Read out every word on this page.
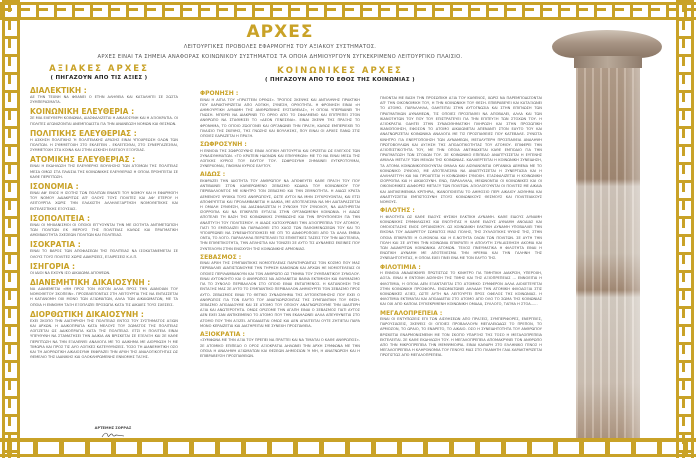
ΑΡΧΕΣ
ΛΕΙΤΟΥΡΓΙΚΕΣ ΠΡΟΒΟΛΕΣ ΕΦΑΡΜΟΓΗΣ ΤΟΥ ΑΞΙΑΚΟΥ ΣΥΣΤΗΜΑΤΟΣ.
ΑΡΧΕΣ ΕΙΝΑΙ ΤΑ ΣΗΜΕΙΑ ΑΝΑΦΟΡΑΣ ΚΟΙΝΩΝΙΚΟΥ ΣΥΣΤΗΜΑΤΟΣ ΤΑ ΟΠΟΙΑ ΔΗΜΙΟΥΡΓΟΥΝ ΣΥΓΚΕΚΡΙΜΕΝΟ ΛΕΙΤΟΥΡΓΙΚΟ ΠΛΑΙΣΙΟ.
ΑΞΙΑΚΕΣ ΑΡΧΕΣ
( ΠΗΓΑΖΟΥΝ ΑΠΟ ΤΙΣ ΑΞΙΕΣ )
ΚΟΙΝΩΝΙΚΕΣ ΑΡΧΕΣ
( ΠΗΓΑΖΟΥΝ ΑΠΟ ΤΟ ΕΘΟΣ ΤΗΣ ΚΟΙΝΩΝΙΑΣ )
ΔΙΑΛΕΚΤΙΚΗ :

ΔΕ ΤΗΝ ΤΕΧΝΗ ΝΑ ΦΘΑΝΕΙ Ο ΕΤΗΝ ΑΛΗΘΕΙΑ ΚΑΙ ΚΑΤΑΛΗΓΕΙ ΣΕ ΣΩΣΤΑ ΣΥΜΠΕΡΑΣΜΑΤΑ.

ΚΟΙΝΩΝΙΚΗ ΕΛΕΥΘΕΡΙΑ :

ΣΕ ΜΙΑ ΕΛΕΥΘΕΡΗ ΚΟΙΝΩΝΙΑ, ΔΙΑΣΦΑΛΙΖΕΤΑΙ Η ΔΙΚΑΙΟΣΥΝΗ ΚΑΙ Η ΑΞΙΟΚΡΑΤΙΑ. ΟΙ ΠΟΛΙΤΕΣ ΑΓΩΝΙΖΟΝΤΑΙ ΑΝΕΜΠΟΔΙΣΤΑ ΓΙΑ ΤΗΝ ΑΝΑΝΕΩΣΗ ΝΟΜΩΝ ΚΑΙ ΘΕΣΜΩΝ.

ΠΟΛΙΤΙΚΗΣ ΕΛΕΥΘΕΡΙΑΣ :

Η ΑΣΚΗΣΗ ΠΟΛΙΤΙΚΗΣ Ή ΠΟΛΙΤΕΙΑΚΗΣ ΔΡΑΣΗΣ ΕΙΝΑΙ ΥΠΟΧΡΕΩΣΗ ΟΛΩΝ ΤΩΝ ΠΟΛΙΤΩΝ. Η ΣΥΜΜΕΤΟΧΗ ΣΤΟ ΕΚΛΕΓΕΙΝ - ΕΚΛΕΓΕΣΘΑΙ, ΣΤΟ ΣΥΝΕΡΓΑΖΕΣΘΑΙ, ΣΥΜΜΕΤΟΧΗ ΣΤΑ ΚΟΙΝΑ ΚΑΙ ΣΤΗΝ ΑΣΚΗΣΗ ΕΛΕΓΧΟΥ ΕΞΟΥΣΙΑΣ.

ΑΤΟΜΙΚΗΣ ΕΛΕΥΘΕΡΙΑΣ :

ΕΙΝΑΙ Η ΕΚΔΗΛΩΣΗ ΤΗΣ ΕΛΕΥΘΕΡΗΣ ΒΟΥΛΗΣΗΣ ΤΩΝ ΑΤΟΜΩΝ ΤΗΣ ΠΟΛΙΤΕΙΑΣ ΜΕΣΑ ΟΜΩΣ ΣΤΑ ΠΛΑΙΣΙΑ ΤΗΣ ΚΟΙΝΩΝΙΚΗΣ ΕΛΕΥΘΕΡΙΑΣ Η ΟΠΟΙΑ ΠΡΟΗΓΕΙΤΑΙ ΣΕ ΚΑΘΕ ΠΕΡΙΠΤΩΣΗ.

ΙΣΟΝΟΜΙΑ :

ΕΙΝΑΙ ΑΦ' ΕΝΟΣ Η ΙΣΟΤΗΣ ΤΩΝ ΠΟΛΙΤΩΝ ΕΝΑΝΤΙ ΤΟΥ ΝΟΜΟΥ ΚΑΙ Η ΕΦΑΡΜΟΓΗ ΤΟΥ ΝΟΜΟΥ ΑΔΙΑΚΡΙΤΩΣ ΑΠ' ΟΛΟΥΣ ΤΟΥΣ ΠΟΛΙΤΕΣ ΚΑΙ ΑΦ' ΕΤΕΡΟΥ Η ΛΕΙΤΟΥΡΓΙΑ ΧΩΡΙΣ ΤΗΝ ΕΛΑΧΙΣΤΗ ΑΛΛΗΛΕΞΑΡΤΗΣΗ ΝΟΜΟΘΕΤΙΚΗΣ ΚΑΙ ΕΚΤΕΛΕΣΤΙΚΗΣ ΕΞΟΥΣΙΑΣ.

ΙΣΟΠΟΛΙΤΕΙΑ :

ΕΙΝΑΙ ΟΙ ΜΗΧΑΝΙΣΜΟΙ ΟΙ ΟΠΟΙΟΙ ΕΓΓΥΟΥΝΤΑΙ ΤΗΝ ΜΕ ΙΣΟΤΗΤΑ ΑΝΤΙΜΕΤΩΠΙΣΗ ΤΩΝ ΠΟΛΙΤΩΝ ΕΚ ΜΕΡΟΥΣ ΤΗΣ ΠΟΛΙΤΕΙΑΣ ΚΑΘΩΣ ΚΑΙ ΠΡΑΓΜΑΤΙΚΗ ΑΜΟΙΒΑΙΟΤΗΤΑ ΣΧΕΣΕΩΝ ΠΟΛΙΤΩΝ ΚΑΙ ΠΟΛΙΤΕΙΑΣ.

ΙΣΟΚΡΑΤΙΑ :

ΕΙΝΑΙ ΤΟ ΒΑΡΟΣ ΤΩΝ ΑΠΟΦΑΣΕΩΝ ΤΗΣ ΠΟΛΙΤΕΙΑΣ ΝΑ ΙΣΟΚΑΤΑΝΕΜΕΤΑΙ ΣΕ ΟΛΟΥΣ ΤΟΥΣ ΠΟΛΙΤΕΣ ΧΩΡΙΣ ΔΙΑΚΡΙΣΕΙΣ, ΕΞΑΙΡΕΣΕΙΣ Κ.Λ.Π.

ΙΣΗΓΟΡΙΑ :

ΟΙ ΙΔΙΟΙ ΝΑ ΕΧΟΥΝ ΙΣΟ ΔΙΚΑΙΩΜΑ ΑΠΟΨΕΩΝ.

ΔΙΑΝΕΜΗΤΙΚΗ ΔΙΚΑΙΟΣΥΝΗ :

ΝΑ ΔΙΑΝΕΜΕΤΑΙ «ΜΗ ΠΡΟΣ ΤΟΝ ΛΟΓΟΝ ΑΛΛΑ ΠΡΟΣ ΤΗΝ ΔΙΑΝΟΙΑΝ ΤΟΥ ΝΟΜΟΘΕΤΟΥ ΣΚΟΠΕΙΝ». ΠΡΟΣΒΛΕΠΟΝΤΑΣ ΣΤΗ ΛΕΙΤΟΥΡΓΙΑ ΤΗΣ ΝΑ ΕΝΤΑΣΣΕΤΑΙ Η ΚΑΤΑΝΟΜΗ ΟΧΙ ΜΟΝΟ ΤΩΝ ΑΞΙΩΜΑΤΩΝ, ΑΛΛΑ ΤΩΝ ΔΙΚΑΙΩΜΑΤΩΝ, ΜΕ ΤΑ ΟΠΟΙΑ Η ΕΝΝΟΜΗ ΤΑΞΗ ΕΞΟΠΛΙΖΕΙ ΠΡΟΣΩΠΑ ΚΑΤΑ ΤΙΣ ΔΙΚΑΙΕΣ ΤΟΥΣ ΣΧΕΣΕΙΣ.

ΔΙΟΡΘΩΤΙΚΗ ΔΙΚΑΙΟΣΥΝΗ :

ΕΧΕΙ ΣΚΟΠΟ ΤΗΝ ΔΙΑΤΗΡΗΣΗ ΤΗΣ ΠΟΛΙΤΕΙΑΣ ΕΝΤΟΣ ΤΟΥ ΣΥΣΤΗΜΑΤΟΣ ΑΞΙΩΝ ΚΑΙ ΑΡΧΩΝ. Η ΑΔΙΚΟΠΡΑΓΙΑ ΚΑΤΑ ΜΕΛΟΥΣ ΤΟΥ ΣΩΜΑΤΟΣ ΤΗΣ ΠΟΛΙΤΕΙΑΣ ΛΟΓΙΖΕΤΑΙ ΩΣ ΑΔΙΚΟΠΡΑΓΙΑ ΚΑΤΑ ΤΗΣ ΠΟΛΙΤΕΙΑΣ. ΕΤΣΙ Η ΠΟΛΙΤΕΙΑ ΕΙΝΑΙ ΥΠΕΥΘΥΝΗ ΝΑ ΣΤΑΜΑΤΗΣΕΙ ΤΗΝ ΑΔΙΚΙΑ ΑΝ ΒΡΙΣΚΕΤΑΙ ΣΕ ΕΞΕΛΙΞΗ ΚΑΙ ΣΕ ΚΑΘΕ ΠΕΡΙΠΤΩΣΗ ΝΑ ΤΗΝ ΕΞΑΛΕΙΨΕΙ ΑΝΑΛΟΓΑ ΜΕ ΤΟ ΑΔΙΚΗΜΑ ΜΕ ΔΙΟΡΘΩΣΗ Ή ΜΕ ΤΙΜΩΡΙΑ ΚΑΙ ΠΡΟΣ ΤΙΣ ΔΥΟ ΛΟΓΙΚΕΣ ΚΑΤΕΥΘΥΝΣΕΙΣ. ΤΟΣΟ ΤΗ ΔΙΑΝΕΜΗΤΙΚΗ ΟΣΟ ΚΑΙ ΤΗ ΔΙΟΡΘΩΤΙΚΗ ΔΙΚΑΙΟΣΥΝΗ ΕΚΦΡΑΖΕΙ ΤΗΝ ΑΡΧΗ ΤΗΣ ΑΝΑΛΟΓΙΚΟΤΗΤΑΣ ΩΣ ΘΕΜΕΛΙΟ ΤΗΣ ΙΔΑΝΙΚΗΣ ΚΑΙ ΟΛΟΚΛΗΡΩΜΕΝΗΣ ΕΝΝΟΜΗΣ ΤΑΞΗΣ.

ΦΡΟΝΗΣΗ :

ΕΙΝΑΙ Η ΑΙΤΙΑ ΤΟΥ «ΠΡΑΤΤΕΙΝ ΟΡΘΩΣ». ΤΡΟΠΟΣ ΣΚΕΨΗΣ ΚΑΙ ΑΝΤΙΛΗΨΗΣ ΠΡΑΚΤΙΚΗ ΠΟΥ ΧΑΡΑΚΤΗΡΙΖΕΤΑΙ ΑΠΟ ΛΟΓΙΚΗ, ΣΥΝΕΣΗ, ΟΡΘΟΤΗΤΑ. Η ΦΡΟΝΗΣΗ ΕΙΝΑΙ «Η ΔΗΜΙΟΥΡΓΙΚΗ ΔΥΝΑΜΗ ΤΗΣ ΑΝΘΡΩΠΙΝΗΣ ΕΥΣΤΑΘΕΙΑΣ», Η ΟΠΟΙΑ ΥΠΕΡΒΑΙΝΕΙ ΤΗ ΓΝΩΣΗ. ΜΠΟΡΕΙ ΝΑ ΔΙΑΚΡΙΝΕΙ ΤΟ ΟΡΘΟ ΑΠΟ ΤΟ ΣΦΑΛΜΕΝΟ ΚΑΙ ΕΠΙΤΡΕΠΕΙ ΣΤΟΝ ΑΝΘΡΩΠΟ ΝΑ ΣΤΑΘΜΙΣΕΙ ΤΟ «ΔΕΟΝ ΓΕΝΕΣΘΑΙ». ΕΙΝΑΙ ΣΚΕΨΗ ΤΗΣ ΠΡΑΞΗΣ ΤΟ ΦΡΟΝΗΜΑ, ΤΟ ΟΠΟΙΟ ΖΩΟΓΟΝΕΙ ΚΑΙ ΟΡΓΑΝΩΝΕΙ ΤΗΝ ΠΡΑΞΗ, ΚΑΘΩΣ ΕΜΠΕΡΙΕΧΕΙ ΤΟ ΠΛΑΙΣΙΟ ΤΗΣ ΣΚΕΨΗΣ, ΤΗΣ ΓΝΩΣΗΣ ΚΑΙ ΒΟΥΛΗΣΗΣ, ΠΟΥ ΕΙΝΑΙ ΟΙ ΑΡΧΕΣ ΠΑΝΩ ΣΤΙΣ ΟΠΟΙΕΣ ΕΔΡΑΖΕΤΑΙ Η ΠΡΑΞΗ.

ΣΩΦΡΟΣΥΝΗ :

Η ΕΝΝΟΙΑ ΤΗΣ ΣΩΦΡΟΣΥΝΗΣ ΕΙΝΑΙ ΛΟΓΙΚΗ ΛΕΙΤΟΥΡΓΙΑ ΚΑΙ ΟΡΙΖΕΤΑΙ ΩΣ ΕΛΕΓΧΟΣ ΤΩΝ ΣΥΝΑΙΣΘΗΜΑΤΩΝ. «ΤΟ ΚΡΑΤΕΙΝ ΗΔΟΝΩΝ ΚΑΙ ΕΠΙΘΥΜΙΩΝ» ΜΕ ΤΟ ΝΑ ΕΙΝΑΙ ΜΕΣΑ ΤΗΣ ΛΟΓΙΚΗΣ ΚΥΡΙΟΣ ΤΟΥ ΕΑΥΤΟΥ ΤΟΥ. ΣΩΦΡΟΣΥΝΗ ΣΗΜΑΙΝΕΙ ΕΥΓΚΡΟΤΟΥΜΑΙ, ΣΥΝΕΡΧΟΜΑΙ, ΓΙΝΟΜΑΙ ΚΥΡΙΟΣ ΕΑΥΤΟΥ.

ΑΙΔΩΣ :

ΕΚΦΡΑΖΕΙ ΤΗΝ ΙΔΙΟΤΗΤΑ ΤΟΥ ΑΝΘΡΩΠΟΥ ΝΑ ΑΠΟΦΕΥΓΕΙ ΚΑΘΕ ΠΡΑΞΗ ΤΟΥ ΠΟΥ ΑΝΤΙΒΑΙΝΕΙ ΣΤΟΝ ΚΑΘΙΕΡΩΜΕΝΟ ΣΕΒΑΣΜΟ ΚΩΔΙΚΑ ΤΟΥ ΚΟΙΝΩΝΙΚΟΥ ΤΟΥ ΠΕΡΙΒΑΛΛΟΝΤΟΣ ΜΕ ΚΙΝΗΤΡΟ ΤΟΝ ΣΕΒΑΣΜΟ ΚΑΙ ΤΗΝ ΣΕΜΝΟΤΗΤΑ. Η ΑΙΔΩΣ ΚΡΑΤΑ ΔΕΜΕΝΟΥΣ ΨΥΧΙΚΑ ΤΟΥΣ ΑΝΘΡΩΠΟΥΣ, ΩΣΤΕ ΑΥΤΟΙ ΝΑ ΜΗΝ ΣΥΓΚΡΟΥΟΝΤΑΙ, ΚΑΙ ΕΤΣΙ ΑΠΟΦΕΥΓΕΤΑΙ ΚΑΙ ΠΡΟΛΑΜΒΑΝΕΤΑΙ Η ΑΔΙΚΙΑ, ΜΕ ΑΠΟΤΕΛΕΣΜΑ ΝΑ ΜΗ ΔΙΑΤΑΡΑΣΣΕΤΑΙ Η ΟΜΑΛΗ ΣΥΝΘΕΣΗ, ΝΑ ΔΙΑΣΦΑΛΙΖΕΤΑΙ Η ΣΥΝΟΧΗ ΤΟΥ ΣΥΝΟΛΟΥ, ΝΑ ΔΙΑΤΗΡΕΙΤΑΙ ΙΣΟΡΡΟΠΙΑ ΚΑΙ ΝΑ ΕΠΙΚΡΑΤΕΙ ΕΥΤΑΞΙΑ ΣΤΗΝ ΟΡΓΑΝΩΜΕΝΗ ΚΟΙΝΩΝΙΑ. Η ΑΙΔΩΣ ΑΠΟΤΕΛΕΙ ΤΗ ΒΑΣΗ ΤΗΣ ΚΟΙΝΩΝΙΚΗΣ ΣΥΜΒΙΩΣΗΣ ΚΑΙ ΤΗΝ ΠΡΟΥΠΟΘΕΣΗ ΓΙΑ ΤΗΝ ΑΝΑΠΤΥΞΗ ΤΟΥ ΠΟΛΙΤΙΣΜΟΥ. Η ΑΙΔΩΣ ΚΑΤΟΧΥΡΩΝΕΙ ΤΗΝ ΑΞΙΟΠΡΕΠΕΙΑ ΤΟΥ ΑΤΟΜΟΥ, ΓΙΑΤΙ ΤΟ ΕΜΠΟΔΙΖΕΙ ΝΑ ΠΑΡΑΔΟΘΕΙ ΣΤΟ ΧΑΟΣ ΤΩΝ ΠΑΘΟΜΕΝΩΣΕΩΝ ΤΟΥ ΚΑΙ ΤΟ ΥΠΟΧΡΕΩΝΕΙ ΝΑ ΣΥΝΕΙΔΗΤΟΠΟΙΗΣΕΙ ΜΕ ΟΤΙ ΤΟ ΔΙΑΦΟΡΟΠΟΙΕΙ ΑΠΟ ΤΑ ΑΛΛΑ ΕΜΒΙΑ ΟΝΤΑ, ΤΟ ΛΟΓΟ. ΠΑΡΑΛΛΗΛΑ ΠΕΡΙΣΤΕΛΛΕΙ ΤΙΣ ΕΠΙΘΕΤΙΚΕΣ ΤΑΣΕΙΣ ΤΟΥ ΤΗΝ ΙΔΙΟΤΕΛΕΙΑ, ΤΗΝ ΕΠΙΘΕΤΙΚΟΤΗΤΑ, ΤΗΝ ΑΠΛΗΣΤΙΑ ΚΑΙ ΤΟΝΙΖΕΙ ΣΕ ΑΥΤΟ ΤΙΣ ΔΥΝΑΜΕΙΣ ΕΚΕΙΝΕΣ ΠΟΥ ΣΥΝΤΕΛΟΥΝ ΣΤΗΝ ΕΝΙΣΧΥΣΗ ΤΗΣ ΚΟΙΝΩΝΙΚΗΣ ΑΡΜΟΝΙΑΣ.

ΣΕΒΑΣΜΟΣ :

ΕΙΝΑΙ ΑΡΧΗ ΤΗΣ ΣΥΜΠΑΝΤΙΚΗΣ ΝΟΜΟΤΕΛΕΙΑΣ ΠΑΡΑΤΗΡΩΝΤΑΣ ΤΟΝ ΚΟΣΜΟ ΠΟΥ ΜΑΣ ΠΕΡΙΒΑΛΛΕΙ ΔΙΑΠΙΣΤΩΝΟΥΜΕ ΤΗΝ ΤΗΡΗΣΗ ΚΑΝΟΝΩΝ ΚΑΙ ΑΡΧΩΝ ΗΕ ΝΟΜΟΤΕΛΕΙΑΣ ΟΙ ΟΠΟΙΕΣ ΠΕΡΙΛΑΜΒΑΝΟΥΝ ΚΑΙ ΤΟΝ ΑΝΘΡΩΠΟ ΩΣ ΤΜΗΜΑ ΤΟΥ ΣΥΜΠΑΝΤΙΚΟΥ ΣΥΝΟΛΟΥ. ΕΙΝΑΙ ΑΥΤΟΝΟΗΤΟ ΚΑΙ Ο ΑΝΘΡΩΠΟΣ ΝΑ ΑΙΣΘΑΝΕΤΑΙ ΒΑΘΙΑ ΕΚΤΙΜΗΣΗ ΚΑΙ ΘΑΥΜΑΣΜΟ ΓΙΑ ΤΟ ΣΥΝΟΛΟ ΠΕΡΙΒΑΛΛΟΝ ΣΤΟ ΟΠΟΙΟ ΕΙΝΑΙ ΕΝΤΑΓΜΕΝΟΣ. Η ΚΑΤΑΝΟΗΣΗ ΤΗΣ ΕΝΤΑΞΗΣ ΜΑΣ ΣΕ ΑΥΤΟ ΤΟ ΣΥΜΠΑΝΤΙΚΟ ΠΕΡΙΒΑΛΛΟΝ ΔΗΜΙΟΥΡΓΕΙ ΤΟΝ ΣΕΒΑΣΜΟ ΠΡΟΣ ΑΥΤΟ. ΣΕΒΑΣΜΟΣ ΕΙΝΑΙ ΤΟ ΘΕΤΙΚΟ ΣΥΝΑΙΣΘΗΜΑ ΤΗΣ ΑΥΤΟΕΚΤΙΜΗΣΗΣ ΠΟΥ ΕΧΕΙ Ο ΑΝΘΡΩΠΟΣ ΓΙΑ ΤΟΝ ΕΑΥΤΟ ΤΟΥ ΑΝΑΓΝΩΡΙΖΟΝΤΑΣ ΤΗΣ ΣΥΜΠΑΝΤΙΚΗ ΤΟΥ ΘΕΣΗ. ΣΕΒΑΣΜΟ ΑΠΟΔΙΔΟΥΜΕ ΚΑΙ ΣΕ ΑΤΟΜΟ ΤΟΥ ΟΠΟΙΟΥ ΑΝΑΓΝΩΡΙΖΟΥΜΕ ΤΗΝ ΙΔΙΑΙΤΕΡΗ ΑΞΙΑ ΚΑΙ ΑΝΩΤΕΡΟΤΗΤΑ. ΟΜΩΣ ΟΡΙΖΟΜΕ ΤΗΝ ΑΓΑΠΗ ΕΙΝΑΙ Ο ΣΕΒΑΣΜΟΣ ΓΙΑΤΙ ΑΥΤΟΣ ΔΕΝ ΕΧΕΙ ΣΑΝ ΑΝΤΙΚΕΙΜΕΝΟ ΤΟ ΑΤΟΜΟ ΠΟΥ ΤΗΝ ΕΚΔΗΛΩΝΕΙ ΑΛΛΑ ΑΠΕΥΘΥΝΕΤΑΙ ΣΤΟ ΑΤΟΜΟ ΠΟΥ ΤΗΝ ΑΞΙΖΕΙ. ΑΠΟΔΙΔΕΤΑΙ ΟΜΩΣ ΚΑΙ ΔΕΝ ΑΠΑΙΤΕΙΤΑΙ ΟΥΤΕ ΖΗΤΙΕΤΑΙ ΠΑΡΑ ΜΟΝΟ ΚΕΡΔΙΖΕΤΑΙ ΚΑΙ ΔΙΑΤΗΡΕΙΤΑΙ ΜΕ ΣΥΝΕΧΗ ΠΡΟΣΠΑΘΕΙΑ.

ΑΞΙΟΚΡΑΤΙΑ :

«ΣΥΜΦΩΝΑ ΜΕ ΤΗΝ ΑΞΙΑ ΤΟΥ ΠΡΕΠΕΙ ΝΑ ΠΡΑΤΤΕΙ ΚΑΙ ΝΑ ΤΙΜΑΤΑΙ Ο ΚΑΘΕ ΑΝΘΡΩΠΟΣ». ΣΕ ΑΤΟΜΙΚΟ ΕΠΙΠΕΔΟ Ο ΟΡΟΣ ΑΞΙΟΚΡΑΤΙΑ ΔΗΛΩΝΕΙ ΤΗΝ ΑΡΧΗ ΣΥΜΦΩΝΑ ΜΕ ΤΗΝ ΟΠΟΙΑ Η ΑΝΑΛΗΨΗ ΑΞΙΩΜΑΤΩΝ ΚΑΙ ΘΕΣΕΩΝ ΔΗΜΟΣΙΩΝ Ή ΜΗ, Η ΑΝΑΓΝΩΡΙΣΗ ΚΑΙ Η ΕΠΙΒΡΑΒΕΥΣΗ ΠΡΟΣΠΑΘΕΙΩΝ.

ΓΙΝΟΝΤΑΙ ΜΕ ΒΑΣΗ ΤΗΝ ΠΡΟΣΩΠΙΚΗ ΑΞΙΑ ΤΟΥ ΚΑΘΕΝΟΣ, ΧΩΡΙΣ ΝΑ ΠΑΡΕΜΠΟΔΙΖΟΝΤΑΙ ΑΠ' ΤΗΝ ΟΙΚΟΝΟΜΙΚΗ ΤΟΥ, Η ΤΗΝ ΚΟΙΝΩΝΙΚΗ ΤΟΥ ΘΕΣΗ. ΕΠΙΒΡΑΒΕΥΕΙ ΚΑΙ ΚΑΤΑΞΙΩΝΕΙ ΤΟ ΑΤΟΜΟ. ΠΑΡΑΛΛΗΛΑ, ΟΔΗΓΕΙΤΑΙ ΣΤΗΝ ΑΥΤΟΓΝΩΣΙΑ ΚΑΙ ΣΤΗΝ ΕΠΙΓΝΩΣΗ ΤΩΝ ΠΡΑΓΜΑΤΙΚΩΝ ΔΥΝΑΜΕΩΝ, ΤΙΣ ΟΠΟΙΕΣ ΠΡΟΣΠΑΘΕΙ ΝΑ ΑΠΟΒΑΛΕΙ, ΑΛΛΑ ΚΑΙ ΤΩΝ ΙΚΑΝΟΤΗΤΩΝ ΤΟΥ ΠΟΥ ΤΟΥ ΕΠΙΣΤΡΑΤΕΥΕΙ ΓΙΑ ΤΗΝ ΕΠΙΤΕΥΞΗ ΤΩΝ ΣΤΟΧΩΝ ΤΟΥ. Η ΑΞΙΟΚΡΑΤΙΑ ΟΔΗΓΕΙ ΣΤΗΝ ΣΥΝΑΙΣΘΗΜΑΤΙΚΗ ΠΛΗΡΩΣΗ ΚΑΙ ΣΤΗΝ ΠΡΟΣΩΠΙΚΗ ΙΚΑΝΟΠΟΙΗΣΗ, ΕΦΟΣΟΝ ΤΟ ΑΤΟΜΟ ΔΙΚΑΙΩΝΕΤΑΙ ΑΠΕΝΑΝΤΙ ΣΤΟΝ ΕΑΥΤΟ ΤΟΥ ΚΑΙ ΑΝΑΓΝΩΡΙΖΕΤΑΙ ΚΟΙΝΩΝΙΚΑ ΑΝΑΛΟΓΑ ΜΕ ΤΙΣ ΠΡΟΣΠΑΘΕΙΕΣ ΠΟΥ ΚΑΤΕΒΑΛΕ. ΣΥΝΙΣΤΑ ΚΙΝΗΤΡΟ ΓΙΑ ΕΝΕΡΓΟΠΟΙΗΣΗ ΤΩΝ ΔΥΝΑΜΕΩΝ, ΜΕΓΑΛΥΤΕΡΗ ΠΡΟΣΠΑΘΕΙΑ ΑΝΑΛΗΨΗ ΠΡΩΤΟΒΟΥΛΙΩΝ ΚΑΙ ΑΥΞΗΣΗ ΤΗΣ ΑΠΟΔΟΤΙΚΟΤΗΤΑΣ ΤΟΥ ΑΤΟΜΟΥ. ΕΠΙΦΕΡΕΙ ΤΗΝ ΑΞΙΟΠΙΣΤΙΚΟΤΗΤΑ ΤΟΥ, ΜΕ ΤΗΝ ΟΠΟΙΑ ΑΝΤΙΜΑΧΕΤΑΙ ΚΑΘΕ ΕΜΠΟΔΙΟ ΓΙΑ ΤΗΝ ΠΡΑΓΜΑΤΩΣΗ ΤΩΝ ΣΤΟΧΩΝ ΤΟΥ. ΣΕ ΚΟΙΝΩΝΙΚΟ ΕΠΙΠΕΔΟ ΑΝΑΠΤΥΣΣΕΤΑΙ Η ΕΥΓΕΝΗΣ ΑΜΙΛΛΑ ΜΕΤΑΞΥ ΤΩΝ ΜΕΛΩΝ ΤΗΣ ΚΟΙΝΩΝΙΑΣ. ΚΑΛΛΙΕΡΓΕΙΤΑΙ Η ΚΟΙΝΩΝΙΚΗ ΣΥΝΕΙΔΗΣΗ, ΤΑ ΑΤΟΜΑ ΚΟΙΝΩΝΙΚΟΠΟΙΟΥΝΤΑΙ ΟΜΑΛΑ ΚΑΙ ΑΙΣΘΑΝΟΝΤΑΙ ΟΡΓΑΝΙΚΑ ΔΕΜΕΝΑ ΜΕ ΤΟ ΚΟΙΝΩΝΙΚΟ ΣΥΝΟΛΟ, ΜΕ ΑΠΟΤΕΛΕΣΜΑ ΝΑ ΑΝΑΠΤΥΣΣΕΤΑΙ Η ΣΥΝΕΡΓΑΣΙΑ ΚΑΙ Η ΑΛΛΗΛΕΓΓΥΗ ΚΑΙ ΝΑ ΠΡΟΑΓΕΤΑΙ Η ΚΟΙΝΩΝΙΚΗ ΣΥΝΟΧΗ. ΕΞΑΣΦΑΛΙΖΕΤΑΙ Η ΚΟΙΝΩΝΙΚΗ ΙΣΟΡΡΟΠΙΑ ΚΑΙ Η ΔΙΚΑΙΟΣΥΝΗ. ΕΝΩ, ΠΑΡΑΛΛΗΛΑ, ΜΕΙΩΝΟΝΤΑΙ ΟΙ ΚΟΙΝΩΝΙΚΕΣ ΚΑΙ ΟΙ ΟΙΚΟΝΟΜΙΚΕΣ ΔΙΑΦΟΡΕΣ ΜΕΤΑΞΥ ΤΩΝ ΠΟΛΙΤΩΝ. ΑΞΙΟΛΟΓΟΥΝΤΑΙ ΟΙ ΠΟΛΙΤΕΣ ΜΕ ΔΙΚΑΙΑ ΚΑΙ ΑΝΤΙΚΕΙΜΕΝΙΚΑ ΚΡΙΤΗΡΙΑ, ΙΚΑΝΟΠΟΙΕΙΤΑΙ ΤΟ ΔΗΜΟΣΙΟ ΠΕΡΙ ΔΙΚΑΙΟΥ ΑΙΣΘΗΜΑ ΚΑΙ ΑΝΑΠΤΥΣΣΕΤΑΙ ΕΜΠΙΣΤΟΣΥΝΗ ΣΤΟΥΣ ΚΟΙΝΩΝΙΚΟΥΣ ΘΕΣΜΟΥΣ ΚΑΙ ΠΟΛΙΤΕΙΑΚΟΥΣ ΝΟΜΟΥΣ.

ΦΙΛΟΤΗΣ :

Η ΦΙΛΟΤΗΤΑ ΩΣ ΚΑΘΕ ΕΙΔΟΥΣ ΦΥΣΙΚΗ ΕΛΚΤΙΚΗ ΔΥΝΑΜΗ. ΚΑΘΕ ΕΙΔΟΥΣ ΔΥΝΑΜΗ ΚΟΙΝΩΝΙΚΗΣ ΣΥΜΦΙΛΙΩΣΗΣ ΚΑΙ ΕΝΟΤΗΤΑΣ Η ΚΑΘΕ ΕΙΔΟΥΣ ΔΥΝΑΜΗ ΑΝΟΔΙΑΣ ΚΑΙ ΟΜΟΙΟΣΤΑΣΗΣ ΕΝΟΣ ΟΡΓΑΝΙΣΜΟΥ. ΩΣ ΚΟΙΝΩΝΙΚΗ ΕΛΚΤΙΚΗ ΔΥΝΑΜΗ ΥΠΟΒΑΛΛΕΙ ΤΗΝ ΕΙΚΟΝΑ ΤΟΥ ΑΔΙΑΙΡΕΤΟΥ ΣΩΜΑΤΟΣ ΜΙΑΣ ΠΟΛΗΣ, ΤΗΣ ΣΥΛΛΟΓΙΚΗΣ ΨΥΧΗΣ ΤΗΣ, ΣΤΗΝ ΟΠΟΙΑ ΕΠΙΚΡΑΤΕΙ Η Ο-ΜΟΝΟΙΑ ΚΑΙ Η Ε-ΝΟΤΗΤΑ ΟΛΩΝ ΤΩΝ ΠΟΛΙΤΩΝ. ΣΕ ΑΥΤΗ ΤΗΝ ΠΟΛΗ ΚΑΙ ΣΕ ΑΥΤΗΝ ΤΗΝ ΚΟΙΝΩΝΙΑ ΕΠΙΚΡΑΤΕΙ Η ΑΠΟΛΥΤΗ ΣΥΝ-ΑΙΣΘΗΣΗ ΑΚΟΜΑ ΚΑΙ ΤΩΝ ΑΔΙΑΚΡΙΤΩΝ ΚΟΙΝΩΝΙΚΑ ΑΤΟΜΩΝ. ΤΕΛΟΣ ΠΝΕΥΜΑΤΙΚΑ Η ΦΙΛΟΤΗΤΑ ΕΙΝΑΙ Η ΕΝΩΤΙΚΗ ΔΥΝΑΜΗ ΜΕ ΑΠΟΤΕΛΕΣΜΑ ΤΗΝ ΗΡΕΜΙΑ ΚΑΙ ΤΗΝ ΓΑΛΗΝΗ ΤΗΣ ΣΥΝΕΙΔΗΤΟΤΗΤΑΣ, Η ΟΠΟΙΑ ΕΧΕΙ ΓΙΝΕΙ ΕΝΑ ΜΕ ΤΟΝ ΕΑΥΤΟ ΤΗΣ.

ΦΙΛΟΤΙΜΙΑ :

Η ΕΝΝΟΙΑ ΑΝΑΔΕΙΚΝΥΕΙ ΠΡΩΤΙΣΤΩΣ ΤΟ ΚΙΝΗΤΡΟ ΓΙΑ ΤΙΜΗΤΙΚΗ ΔΙΑΚΡΙΣΗ, ΥΠΕΡΟΧΗ, ΔΟΞΑ. ΕΙΝΑΙ Η ΕΝΤΟΝΗ ΑΙΣΘΗΣΗ ΤΗΣ ΤΙΜΗΣ ΚΑΙ ΤΗΣ ΑΞΙΟΠΡΕΠΕΙΑΣ ... ΕΝΝΟΕΙΤΑΙ Η ΦΙΛΟΤΙΜΙΑ, Η ΟΠΟΙΑ ΔΕΝ ΕΞΑΝΤΛΕΙΤΑΙ ΣΤΟ ΑΤΟΜΙΚΟ ΣΥΜΦΕΡΟΝ ΑΛΛΑ ΔΙΟΧΕΤΕΥΕΤΑΙ ΣΤΗΝ ΚΟΙΝΩΝΙΚΗ ΠΡΟΣΦΟΡΑ. ΕΝΣΩΜΑΤΩΝΕΙ ΔΗΛΑΔΗ ΤΗΝ ΑΤΟΜΙΚΗ ΦΙΛΟΔΟΞΙΑ ΣΤΙΣ ΚΟΙΝΩΝΙΚΕΣ ΑΞΙΕΣ, ΩΣΤΕ ΑΥΤΗ ΝΑ ΛΕΙΤΟΥΡΓΕΙ ΠΡΟΣ ΟΦΕΛΟΣ ΤΗΣ ΚΟΙΝΩΝΙΑΣ. Η ΦΙΛΟΤΙΜΙΑ ΕΚΤΙΜΑΤΑΙ ΚΑΙ ΑΠΟΔΙΔΕΤΑΙ ΣΤΟ ΑΤΟΜΟ ΑΠΟ ΟΛΟ ΤΟ ΣΩΜΑ ΤΗΣ ΚΟΙΝΩΝΙΑΣ ΚΑΙ ΟΧΙ ΑΠΟ ΚΑΠΟΙΑ ΣΥΓΚΕΚΡΙΜΕΝΗ ΚΟΙΝΩΝΙΚΗ ΟΜΑΔΑ, ΣΥΛΛΟΓΟ, ΤΑΓΜΑ Η ΣΤΟΑ......

ΜΕΓΑΛΟΠΡΕΠΕΙΑ :

ΕΙΝΑΙ ΟΙ ΕΝΤΥΠΩΣΕΙΣ ΕΠΙ ΤΩΝ ΑΙΣΘΗΣΕΩΝ ΑΠΟ ΠΡΑΞΕΙΣ, ΣΥΜΠΕΡΙΦΟΡΕΣ, ΕΝΕΡΓΕΙΕΣ, ΠΑΡΟΥΣΙΑΣΕΙΣ, ΣΚΕΨΕΙΣ ΟΙ ΟΠΟΙΕΣ ΠΡΟΒΑΛΛΟΥΝ ΜΕΓΑΛΕΙΩΔΩΣ ΤΟ ΠΡΕΠΟΝ, ΤΟ ΑΡΜΟΖΟΝ, ΤΟ ΩΡΑΙΟ, ΤΟ ΕΝΑΡΕΤΟ, ΤΟ ΔΙΚΑΙΟ. ΟΣΟ Η ΣΥΝΕΙΔΗΤΟΤΗΤΑ ΤΟΥ ΑΝΘΡΩΠΟΥ ΒΡΙΣΚΕΤΑΙ ΕΝΑΡΜΟΝΙΣΜΕΝΗ ΜΕ ΤΟΝ ΣΚΟΠΟ ΥΠΑΡΞΗΣ ΤΗΣ ΤΟΣΟ Η ΜΕΓΑΛΟΠΡΕΠΕΙΑ ΕΚΤΕΛΕΙΤΑΙ. ΣΕ ΚΑΘΕ ΕΚΔΗΛΩΣΗ ΤΟΥ. Η ΜΕΓΑΛΟΠΡΕΠΕΙΑ ΑΠΟΜΑΚΡΥΝΕΙ ΤΟΝ ΑΝΘΡΩΠΟ ΑΠΟ ΤΗΝ ΜΙΚΡΟΠΡΕΠΕΙΑ ΤΗΝ ΜΕΜΨΙΜΟΙΡΙΑ. ΕΙΝΑΙ ΚΑΘΑΡΗ ΣΤΟ ΕΛΛΗΝΙΚΟ ΓΕΝΟΣ Η ΜΕΓΑΛΟΠΡΕΠΕΙΑ Η ΚΛΗΡΟΝΟΜΙΑ ΤΟΥ ΓΕΝΟΥΣ ΜΑΣ ΣΤΟ ΠΛΑΝΗΤΗ ΓΑΙΑ ΧΑΡΑΚΤΗΡΙΖΕΤΑΙ ΠΡΩΤΙΣΤΩΣ ΑΠΟ ΜΕΓΑΛΟΠΡΕΠΕΙΑ.

ΑΡΤΕΜΗΣ ΣΟΡΡΑΣ
